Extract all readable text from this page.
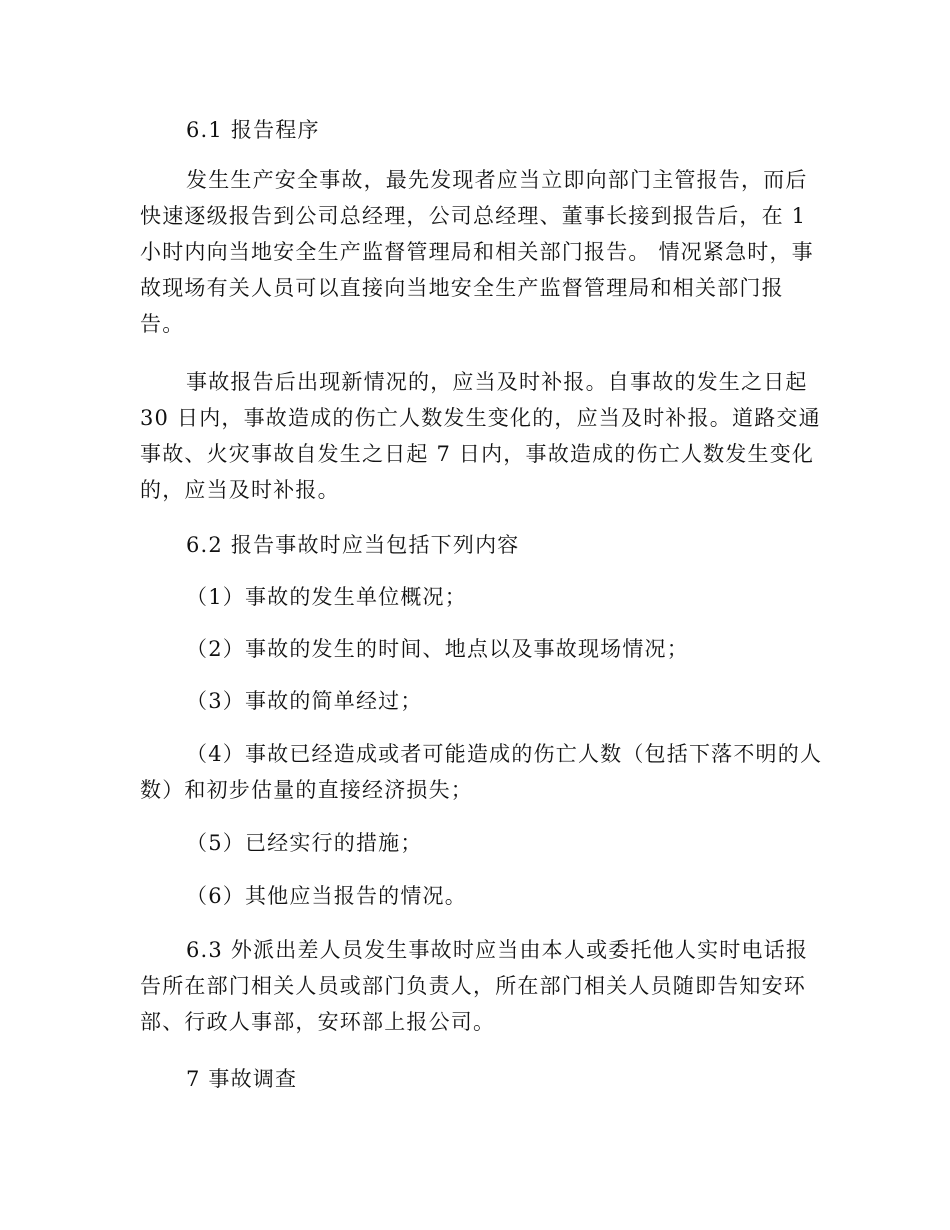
6.1 报告程序
发生生产安全事故，最先发现者应当立即向部门主管报告，而后
快速逐级报告到公司总经理，公司总经理、董事长接到报告后，在 1
小时内向当地安全生产监督管理局和相关部门报告。 情况紧急时，事
故现场有关人员可以直接向当地安全生产监督管理局和相关部门报
告。
事故报告后出现新情况的，应当及时补报。自事故的发生之日起
30 日内，事故造成的伤亡人数发生变化的，应当及时补报。道路交通
事故、火灾事故自发生之日起 7 日内，事故造成的伤亡人数发生变化
的，应当及时补报。
6.2 报告事故时应当包括下列内容
（1）事故的发生单位概况；
（2）事故的发生的时间、地点以及事故现场情况；
（3）事故的简单经过；
（4）事故已经造成或者可能造成的伤亡人数（包括下落不明的人
数）和初步估量的直接经济损失；
（5）已经实行的措施；
（6）其他应当报告的情况。
6.3 外派出差人员发生事故时应当由本人或委托他人实时电话报
告所在部门相关人员或部门负责人，所在部门相关人员随即告知安环
部、行政人事部，安环部上报公司。
7 事故调查
